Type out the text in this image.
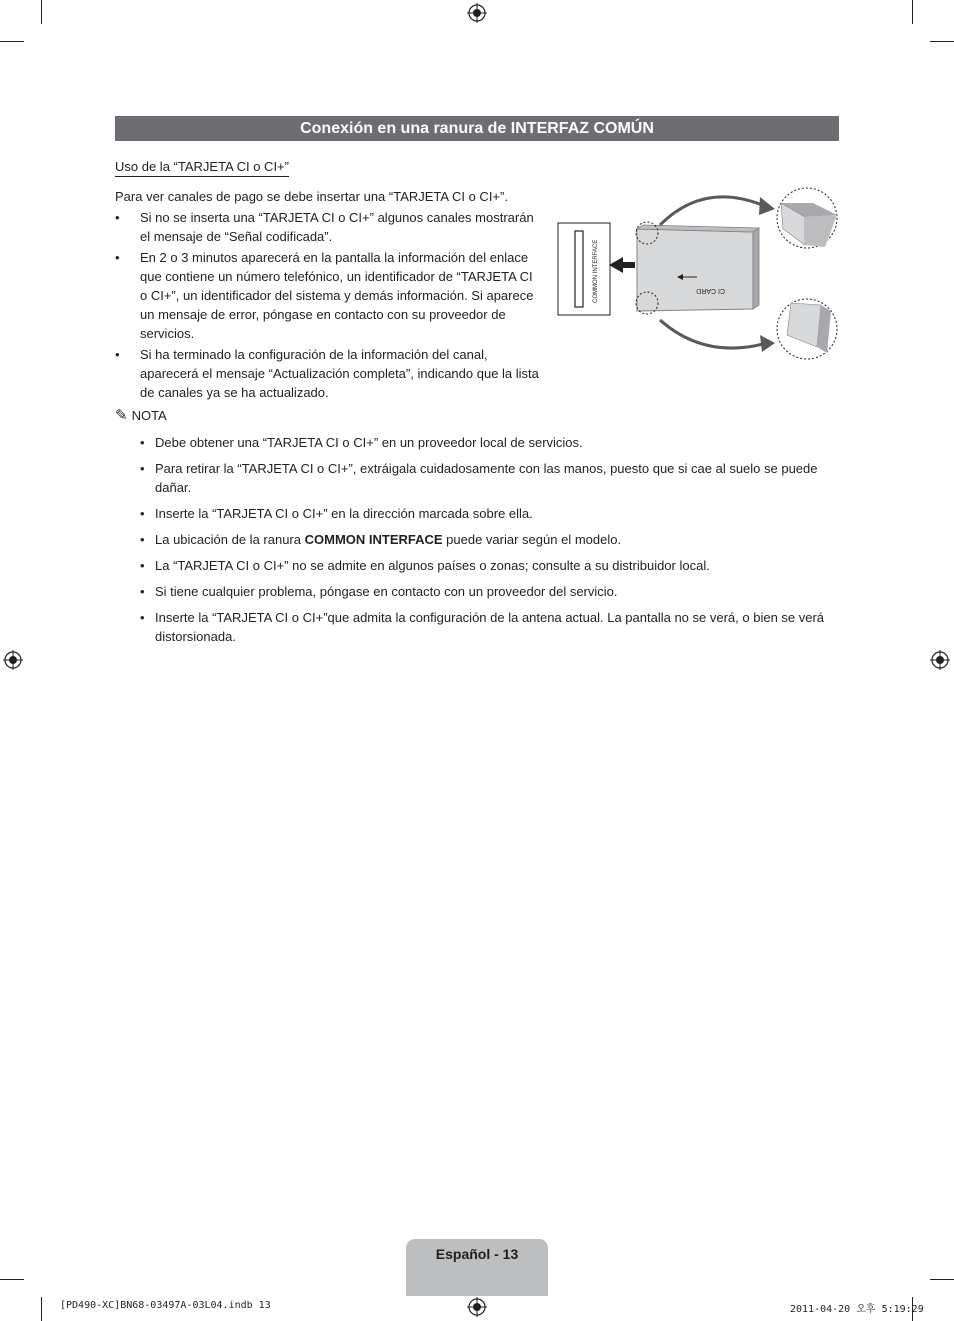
Conexión en una ranura de INTERFAZ COMÚN
Uso de la “TARJETA CI o CI+”
Para ver canales de pago se debe insertar una “TARJETA CI o CI+”.
• Si no se inserta una “TARJETA CI o CI+” algunos canales mostrarán el mensaje de “Señal codificada”.
• En 2 o 3 minutos aparecerá en la pantalla la información del enlace que contiene un número telefónico, un identificador de “TARJETA CI o CI+”, un identificador del sistema y demás información. Si aparece un mensaje de error, póngase en contacto con su proveedor de servicios.
• Si ha terminado la configuración de la información del canal, aparecerá el mensaje “Actualización completa”, indicando que la lista de canales ya se ha actualizado.
COMMON INTERFACE	CI CARD
✎ NOTA
• Debe obtener una “TARJETA CI o CI+” en un proveedor local de servicios.
• Para retirar la “TARJETA CI o CI+”, extráigala cuidadosamente con las manos, puesto que si cae al suelo se puede dañar.
• Inserte la “TARJETA CI o CI+” en la dirección marcada sobre ella.
• La ubicación de la ranura COMMON INTERFACE puede variar según el modelo.
• La “TARJETA CI o CI+” no se admite en algunos países o zonas; consulte a su distribuidor local.
• Si tiene cualquier problema, póngase en contacto con un proveedor del servicio.
• Inserte la “TARJETA CI o CI+”que admita la configuración de la antena actual. La pantalla no se verá, o bien se verá distorsionada.
Español - 13
[PD490-XC]BN68-03497A-03L04.indb 13	2011-04-20 오후 5:19:29
